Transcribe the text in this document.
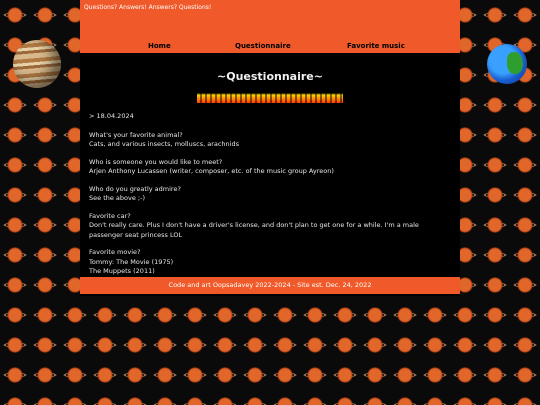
Questions? Answers! Answers? Questions!
Home	Questionnaire	Favorite music
~Questionnaire~

> 18.04.2024

What's your favorite animal?

Cats, and various insects, molluscs, arachnids

Who is someone you would like to meet?

Arjen Anthony Lucassen (writer, composer, etc. of the music group Ayreon)

Who do you greatly admire?

See the above ;-)

Favorite car?

Don't really care. Plus I don't have a driver's license, and don't plan to get one for a while. I'm a male passenger seat princess LOL

Favorite movie?

Tommy: The Movie (1975)

The Muppets (2011)

Code and art Oopsadavey 2022-2024 - Site est. Dec. 24, 2022
